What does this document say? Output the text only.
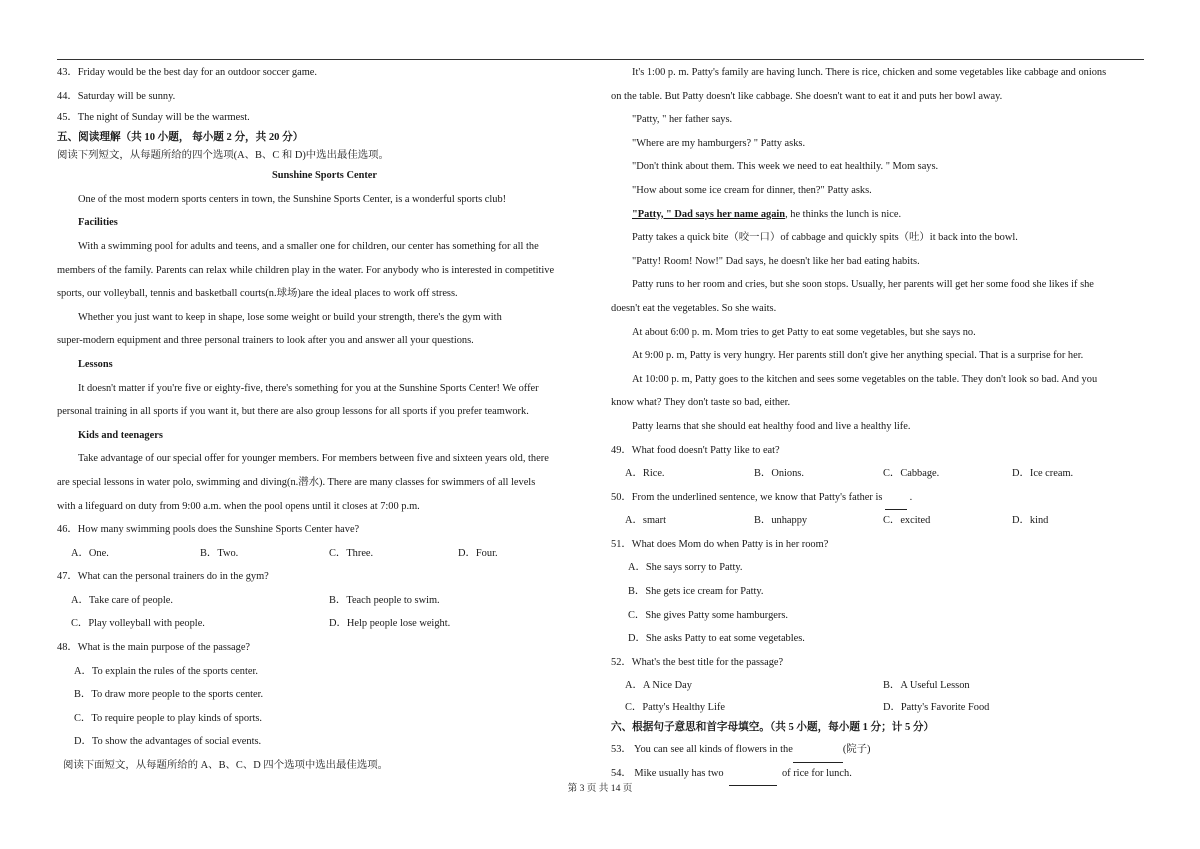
43．Friday would be the best day for an outdoor soccer game.
44．Saturday will be sunny.
45．The night of Sunday will be the warmest.
五、阅读理解（共 10 小题， 每小题 2 分，共 20 分）
阅读下列短文，从每题所给的四个选项(A、B、C 和 D)中选出最佳选项。
Sunshine Sports Center
One of the most modern sports centers in town, the Sunshine Sports Center, is a wonderful sports club!
Facilities
With a swimming pool for adults and teens, and a smaller one for children, our center has something for all the
members of the family. Parents can relax while children play in the water. For anybody who is interested in competitive
sports, our volleyball, tennis and basketball courts(n.球场)are the ideal places to work off stress.
Whether you just want to keep in shape, lose some weight or build your strength, there's the gym with
super-modern equipment and three personal trainers to look after you and answer all your questions.
Lessons
It doesn't matter if you're five or eighty-five, there's something for you at the Sunshine Sports Center! We offer
personal training in all sports if you want it, but there are also group lessons for all sports if you prefer teamwork.
Kids and teenagers
Take advantage of our special offer for younger members. For members between five and sixteen years old, there
are special lessons in water polo, swimming and diving(n.潜水). There are many classes for swimmers of all levels
with a lifeguard on duty from 9:00 a.m. when the pool opens until it closes at 7:00 p.m.
46．How many swimming pools does the Sunshine Sports Center have?
A．One.	B．Two.	C．Three.	D．Four.
47．What can the personal trainers do in the gym?
A．Take care of people.	B．Teach people to swim.
C．Play volleyball with people.	D．Help people lose weight.
48．What is the main purpose of the passage?
A．To explain the rules of the sports center.
B．To draw more people to the sports center.
C．To require people to play kinds of sports.
D．To show the advantages of social events.
阅读下面短文，从每题所给的 A、B、C、D 四个选项中选出最佳选项。
It's 1:00 p. m. Patty's family are having lunch. There is rice, chicken and some vegetables like cabbage and onions
on the table. But Patty doesn't like cabbage. She doesn't want to eat it and puts her bowl away.
"Patty, " her father says.
"Where are my hamburgers? " Patty asks.
"Don't think about them. This week we need to eat healthily. " Mom says.
"How about some ice cream for dinner, then?" Patty asks.
"Patty, " Dad says her name again, he thinks the lunch is nice.
Patty takes a quick bite（咬一口）of cabbage and quickly spits（吐）it back into the bowl.
"Patty! Room! Now!" Dad says, he doesn't like her bad eating habits.
Patty runs to her room and cries, but she soon stops. Usually, her parents will get her some food she likes if she
doesn't eat the vegetables. So she waits.
At about 6:00 p. m. Mom tries to get Patty to eat some vegetables, but she says no.
At 9:00 p. m, Patty is very hungry. Her parents still don't give her anything special. That is a surprise for her.
At 10:00 p. m, Patty goes to the kitchen and sees some vegetables on the table. They don't look so bad. And you
know what? They don't taste so bad, either.
Patty learns that she should eat healthy food and live a healthy life.
49．What food doesn't Patty like to eat?
A．Rice.	B．Onions.	C．Cabbage.	D．Ice cream.
50．From the underlined sentence, we know that Patty's father is	.
A．smart	B．unhappy	C．excited	D．kind
51．What does Mom do when Patty is in her room?
A．She says sorry to Patty.
B．She gets ice cream for Patty.
C．She gives Patty some hamburgers.
D．She asks Patty to eat some vegetables.
52．What's the best title for the passage?
A．A Nice Day	B．A Useful Lesson
C．Patty's Healthy Life	D．Patty's Favorite Food
六、根据句子意思和首字母填空。（共 5 小题，每小题 1 分；计 5 分）
53． You can see all kinds of flowers in the	(院子)
54． Mike usually has two	of rice for lunch.
第 3 页 共 14 页
